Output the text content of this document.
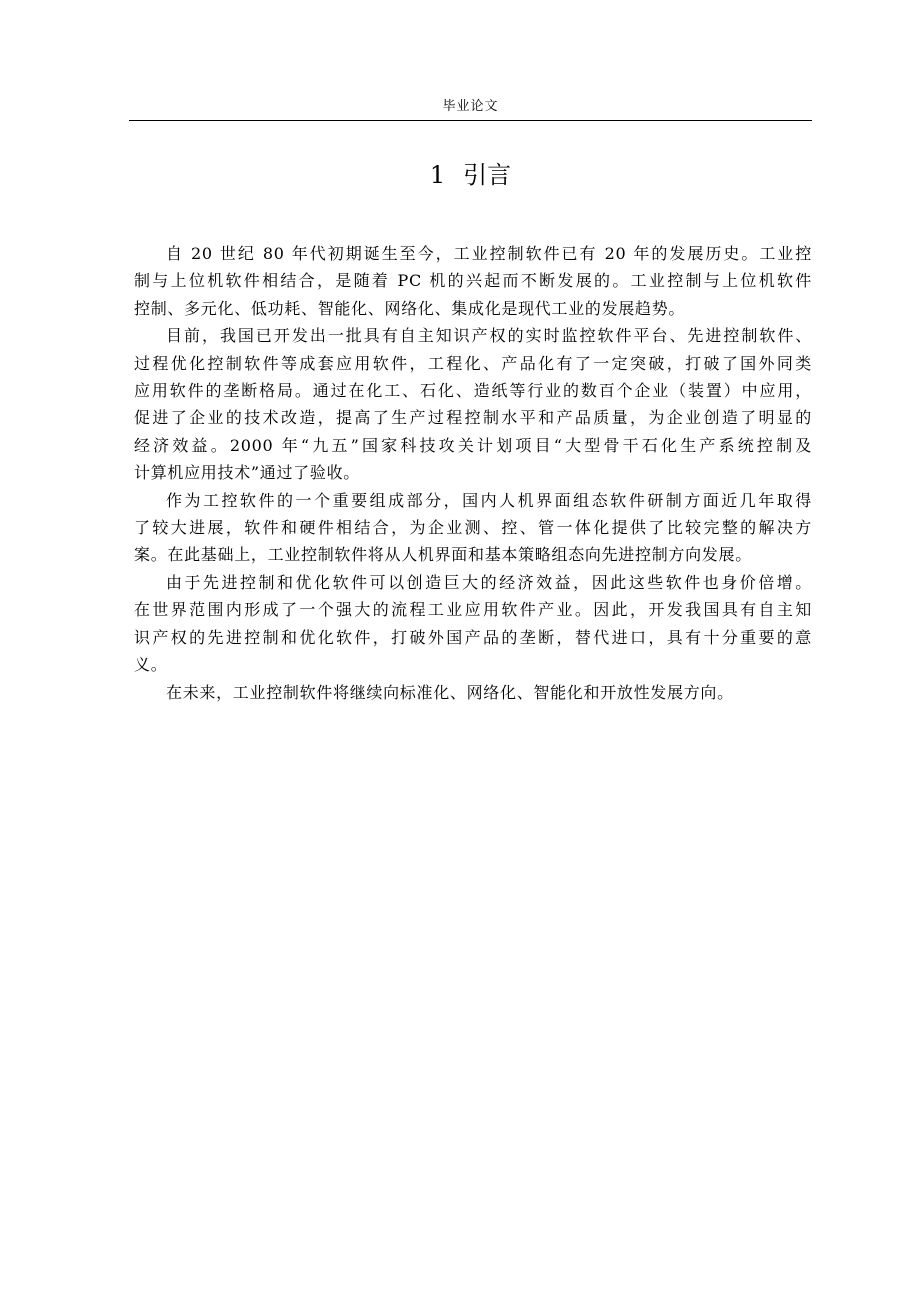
毕业论文
1 引言
自 20 世纪 80 年代初期诞生至今，工业控制软件已有 20 年的发展历史。工业控
制与上位机软件相结合，是随着 PC 机的兴起而不断发展的。工业控制与上位机软件
控制、多元化、低功耗、智能化、网络化、集成化是现代工业的发展趋势。
目前，我国已开发出一批具有自主知识产权的实时监控软件平台、先进控制软件、
过程优化控制软件等成套应用软件，工程化、产品化有了一定突破，打破了国外同类
应用软件的垄断格局。通过在化工、石化、造纸等行业的数百个企业（装置）中应用，
促进了企业的技术改造，提高了生产过程控制水平和产品质量，为企业创造了明显的
经济效益。2000 年“九五”国家科技攻关计划项目“大型骨干石化生产系统控制及
计算机应用技术”通过了验收。
作为工控软件的一个重要组成部分，国内人机界面组态软件研制方面近几年取得
了较大进展，软件和硬件相结合，为企业测、控、管一体化提供了比较完整的解决方
案。在此基础上，工业控制软件将从人机界面和基本策略组态向先进控制方向发展。
由于先进控制和优化软件可以创造巨大的经济效益，因此这些软件也身价倍增。
在世界范围内形成了一个强大的流程工业应用软件产业。因此，开发我国具有自主知
识产权的先进控制和优化软件，打破外国产品的垄断，替代进口，具有十分重要的意
义。
在未来，工业控制软件将继续向标准化、网络化、智能化和开放性发展方向。
